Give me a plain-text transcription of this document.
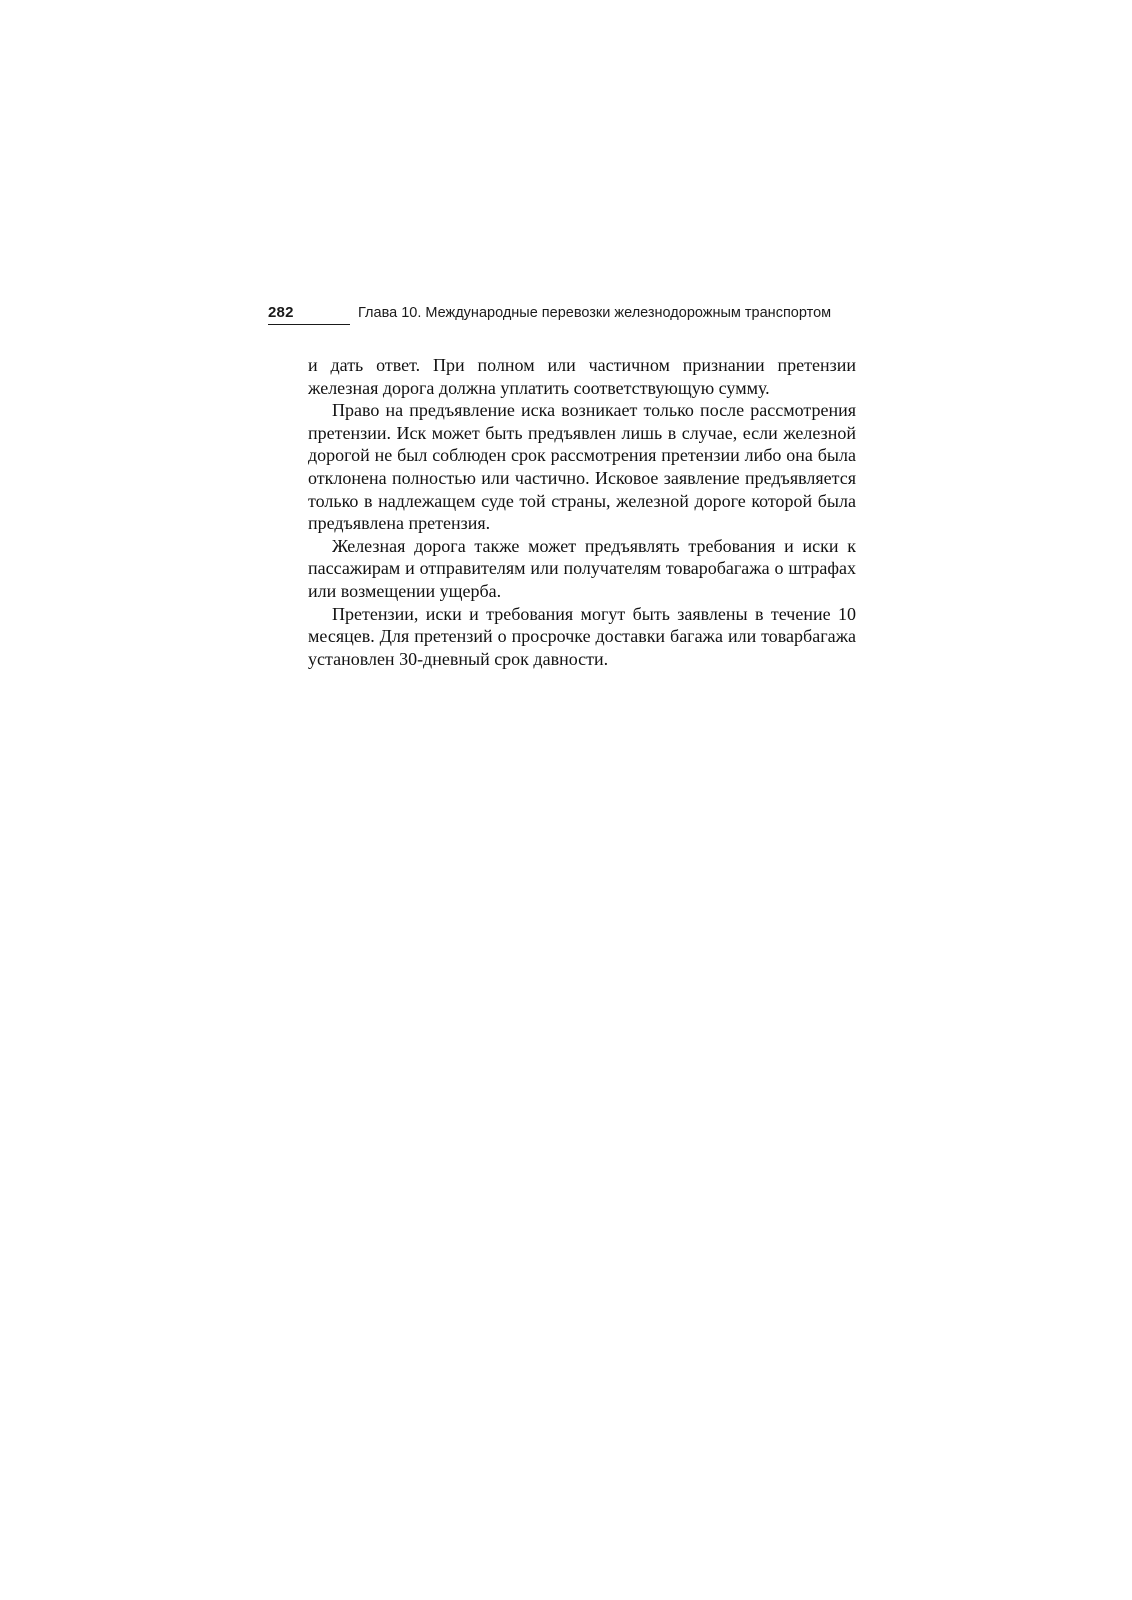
282	Глава 10. Международные перевозки железнодорожным транспортом

и дать ответ. При полном или частичном признании претензии железная дорога должна уплатить соответствующую сумму.

Право на предъявление иска возникает только после рассмотрения претензии. Иск может быть предъявлен лишь в случае, если железной дорогой не был соблюден срок рассмотрения претензии либо она была отклонена полностью или частично. Исковое заявление предъявляется только в надлежащем суде той страны, железной дороге которой была предъявлена претензия.

Железная дорога также может предъявлять требования и иски к пассажирам и отправителям или получателям товаробагажа о штрафах или возмещении ущерба.

Претензии, иски и требования могут быть заявлены в течение 10 месяцев. Для претензий о просрочке доставки багажа или товарбагажа установлен 30-дневный срок давности.
